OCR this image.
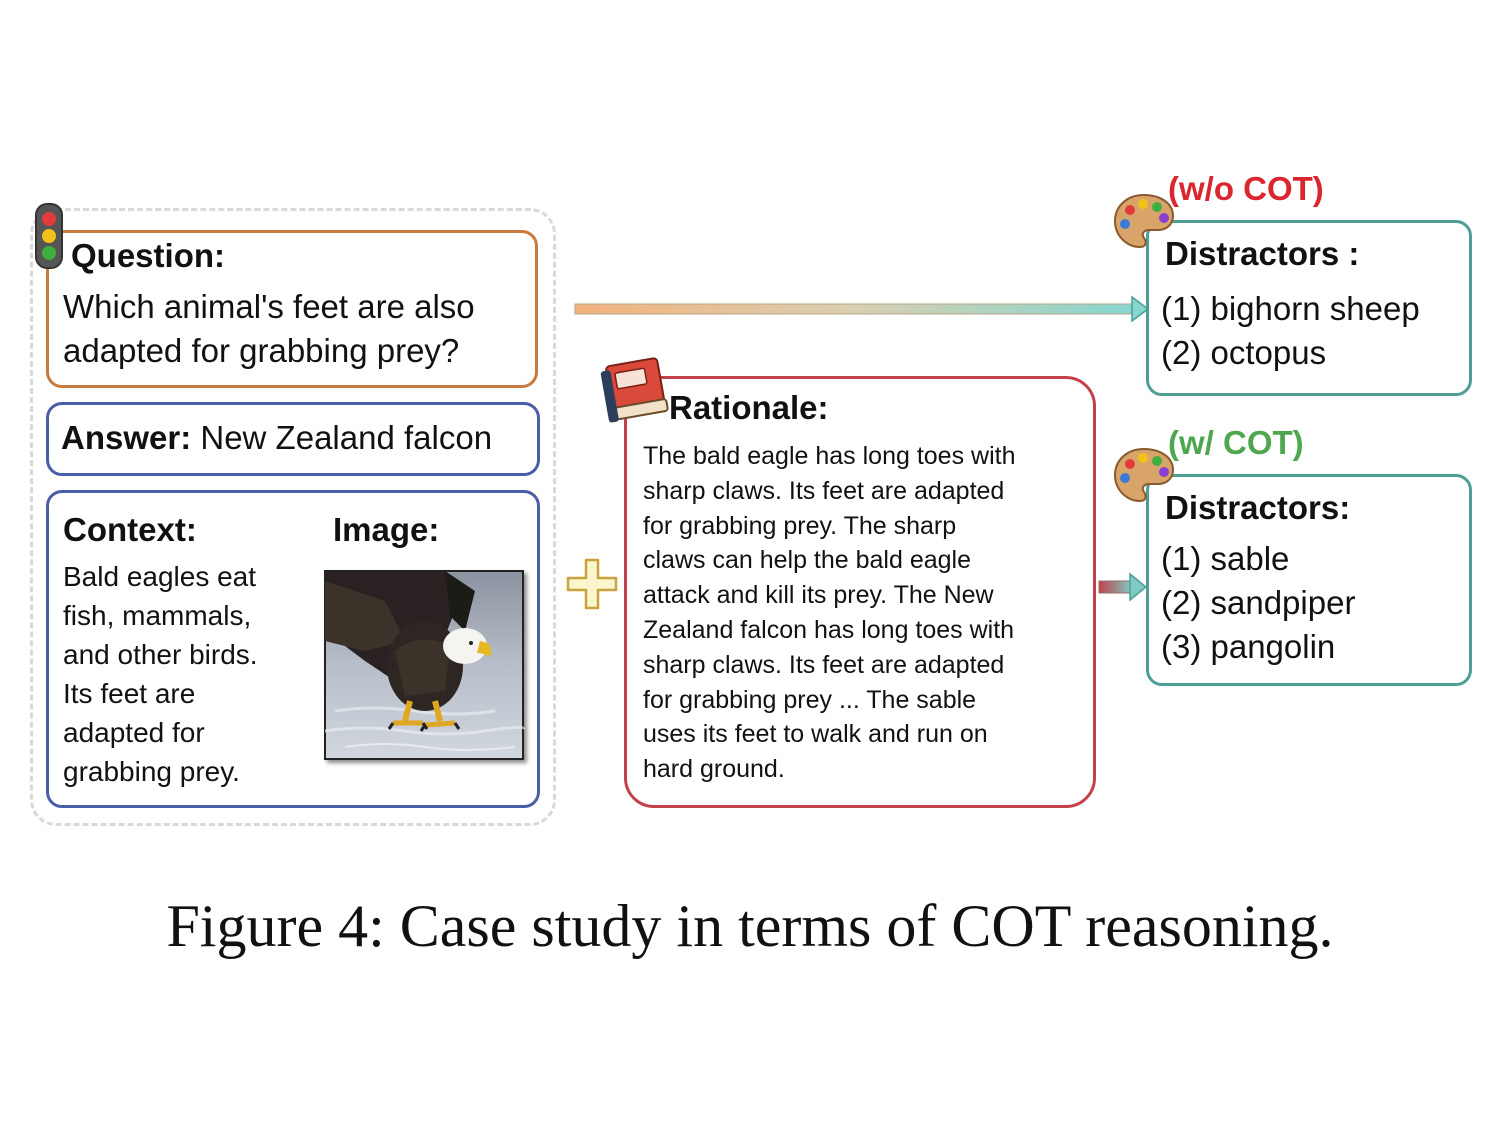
Question:
Which animal's feet are also
adapted for grabbing prey?
Answer: New Zealand falcon
Context:	Image:
Bald eagles eat
fish, mammals,
and other birds.
Its feet are
adapted for
grabbing prey.
Rationale:
The bald eagle has long toes with
sharp claws. Its feet are adapted
for grabbing prey. The sharp
claws can help the bald eagle
attack and kill its prey. The New
Zealand falcon has long toes with
sharp claws. Its feet are adapted
for grabbing prey ... The sable
uses its feet to walk and run on
hard ground.
(w/o COT)
Distractors :
(1) bighorn sheep
(2) octopus
(w/ COT)
Distractors:
(1) sable
(2) sandpiper
(3) pangolin
Figure 4: Case study in terms of COT reasoning.
